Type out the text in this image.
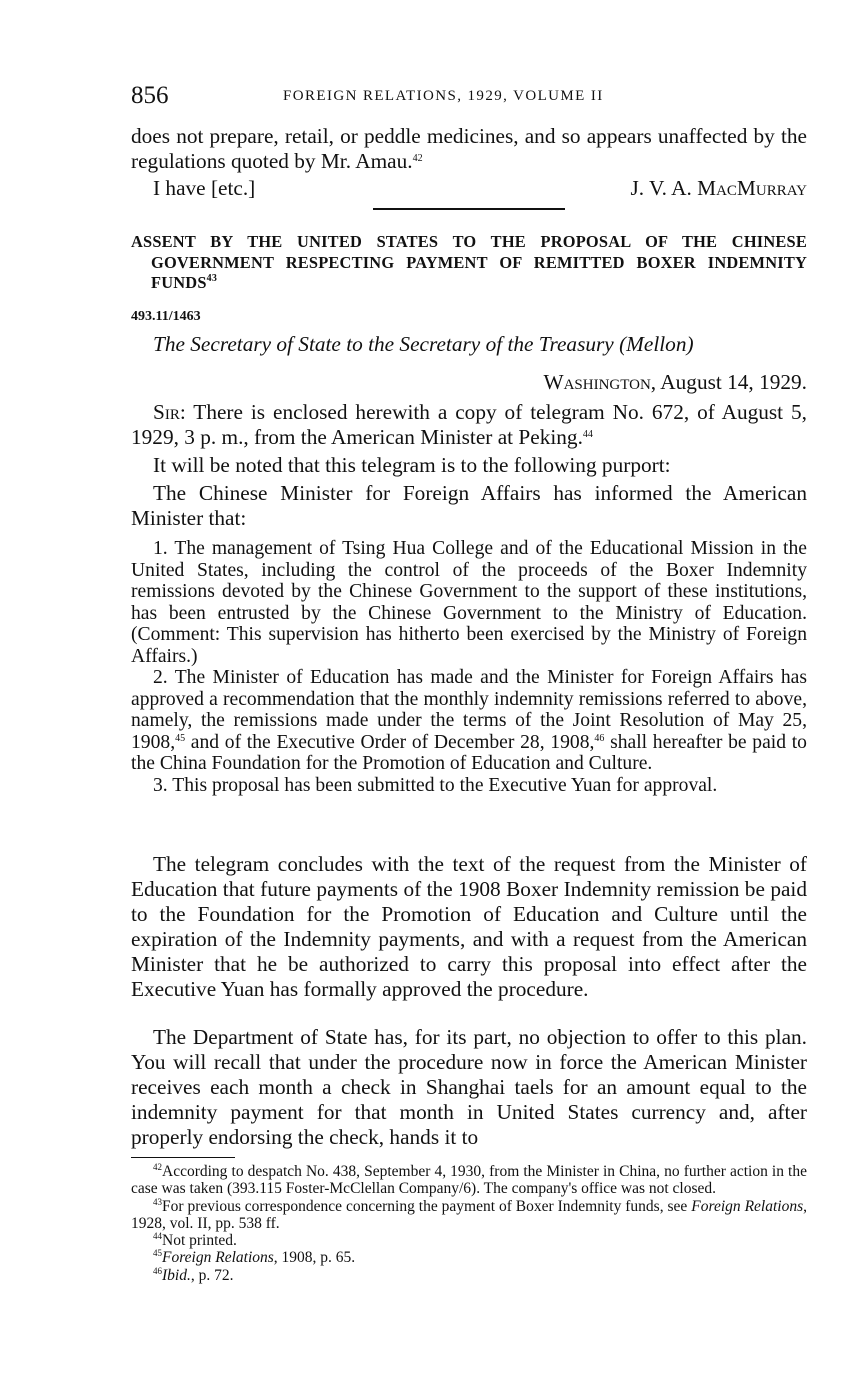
856	FOREIGN RELATIONS, 1929, VOLUME II
does not prepare, retail, or peddle medicines, and so appears unaffected by the regulations quoted by Mr. Amau.$^{42}$
I have [etc.]	J. V. A. MacMurray
ASSENT BY THE UNITED STATES TO THE PROPOSAL OF THE CHINESE GOVERNMENT RESPECTING PAYMENT OF REMITTED BOXER INDEMNITY FUNDS$^{43}$
493.11/1463
The Secretary of State to the Secretary of the Treasury (Mellon)
Washington, August 14, 1929.
Sir: There is enclosed herewith a copy of telegram No. 672, of August 5, 1929, 3 p. m., from the American Minister at Peking.$^{44}$
It will be noted that this telegram is to the following purport:
The Chinese Minister for Foreign Affairs has informed the American Minister that:

1. The management of Tsing Hua College and of the Educational Mission in the United States, including the control of the proceeds of the Boxer Indemnity remissions devoted by the Chinese Government to the support of these institutions, has been entrusted by the Chinese Government to the Ministry of Education. (Comment: This supervision has hitherto been exercised by the Ministry of Foreign Affairs.)

2. The Minister of Education has made and the Minister for Foreign Affairs has approved a recommendation that the monthly indemnity remissions referred to above, namely, the remissions made under the terms of the Joint Resolution of May 25, 1908,45 and of the Executive Order of December 28, 1908,46 shall hereafter be paid to the China Foundation for the Promotion of Education and Culture.

3. This proposal has been submitted to the Executive Yuan for approval.

The telegram concludes with the text of the request from the Minister of Education that future payments of the 1908 Boxer Indemnity remission be paid to the Foundation for the Promotion of Education and Culture until the expiration of the Indemnity payments, and with a request from the American Minister that he be authorized to carry this proposal into effect after the Executive Yuan has formally approved the procedure.
The Department of State has, for its part, no objection to offer to this plan. You will recall that under the procedure now in force the American Minister receives each month a check in Shanghai taels for an amount equal to the indemnity payment for that month in United States currency and, after properly endorsing the check, hands it to

$^{42}$According to despatch No. 438, September 4, 1930, from the Minister in China, no further action in the case was taken (393.115 Foster-McClellan Company/6). The company's office was not closed.

$^{43}$For previous correspondence concerning the payment of Boxer Indemnity funds, see Foreign Relations, 1928, vol. II, pp. 538 ff.

$^{44}$Not printed.

$^{45}$Foreign Relations, 1908, p. 65.

$^{46}$Ibid., p. 72.
